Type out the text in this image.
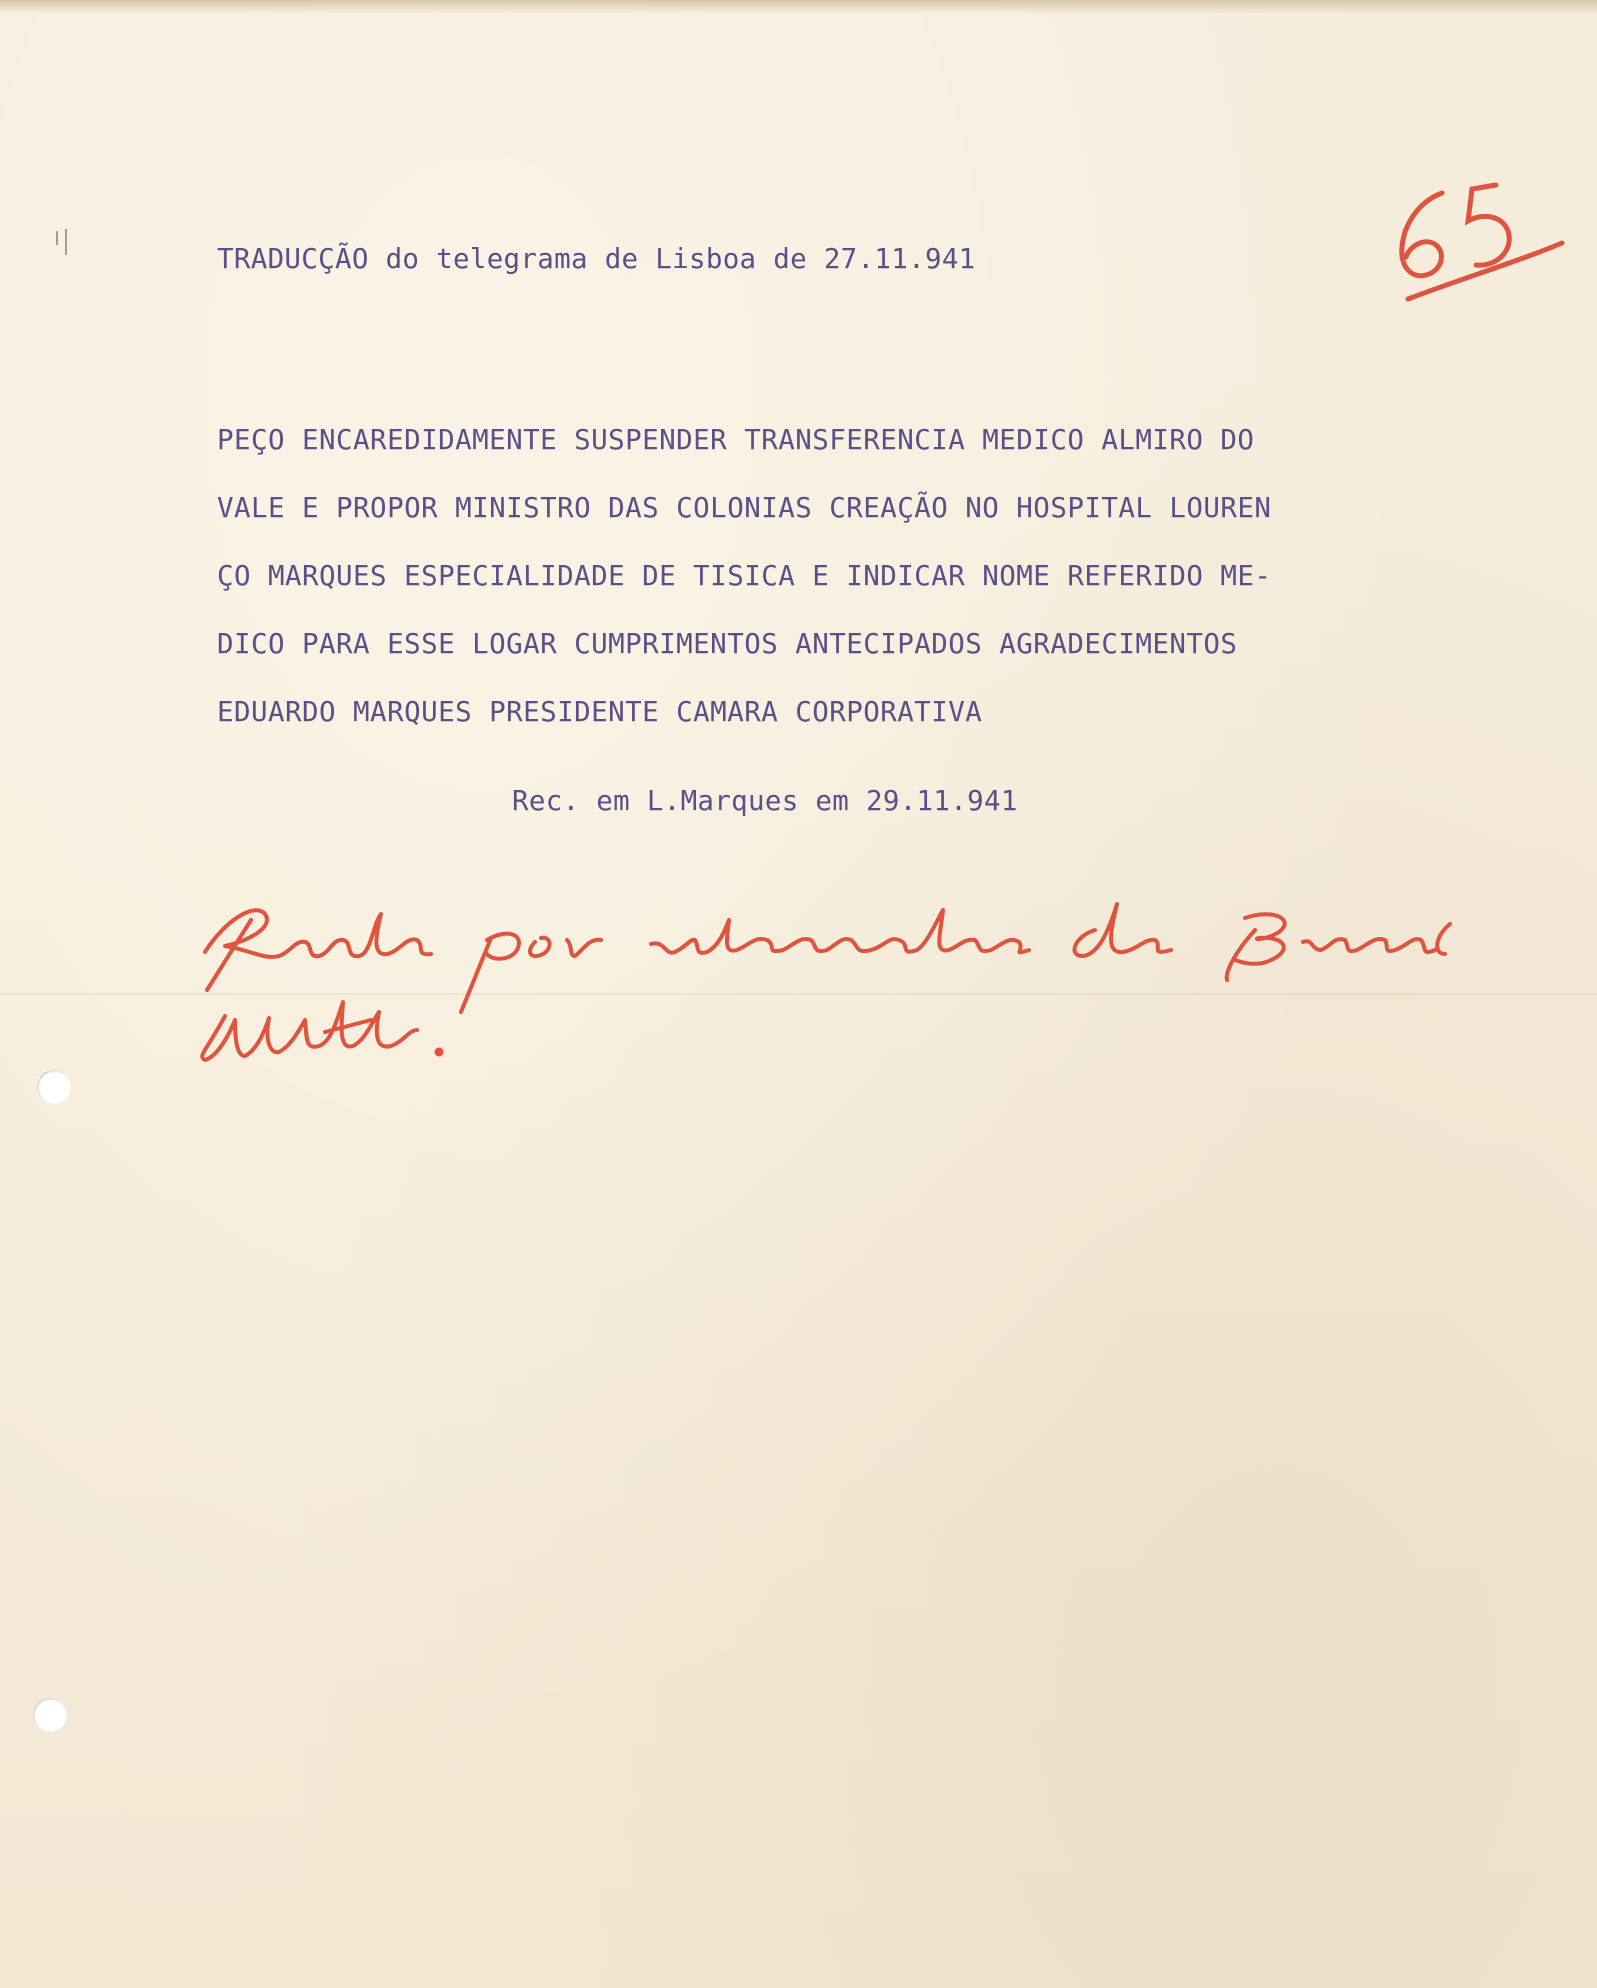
TRADUCÇÃO do telegrama de Lisboa de 27.11.941
PEÇO ENCAREDIDAMENTE SUSPENDER TRANSFERENCIA MEDICO ALMIRO DO
VALE E PROPOR MINISTRO DAS COLONIAS CREAÇÃO NO HOSPITAL LOUREN
ÇO MARQUES ESPECIALIDADE DE TISICA E INDICAR NOME REFERIDO ME-
DICO PARA ESSE LOGAR CUMPRIMENTOS ANTECIPADOS AGRADECIMENTOS
EDUARDO MARQUES PRESIDENTE CAMARA CORPORATIVA
Rec. em L.Marques em 29.11.941
